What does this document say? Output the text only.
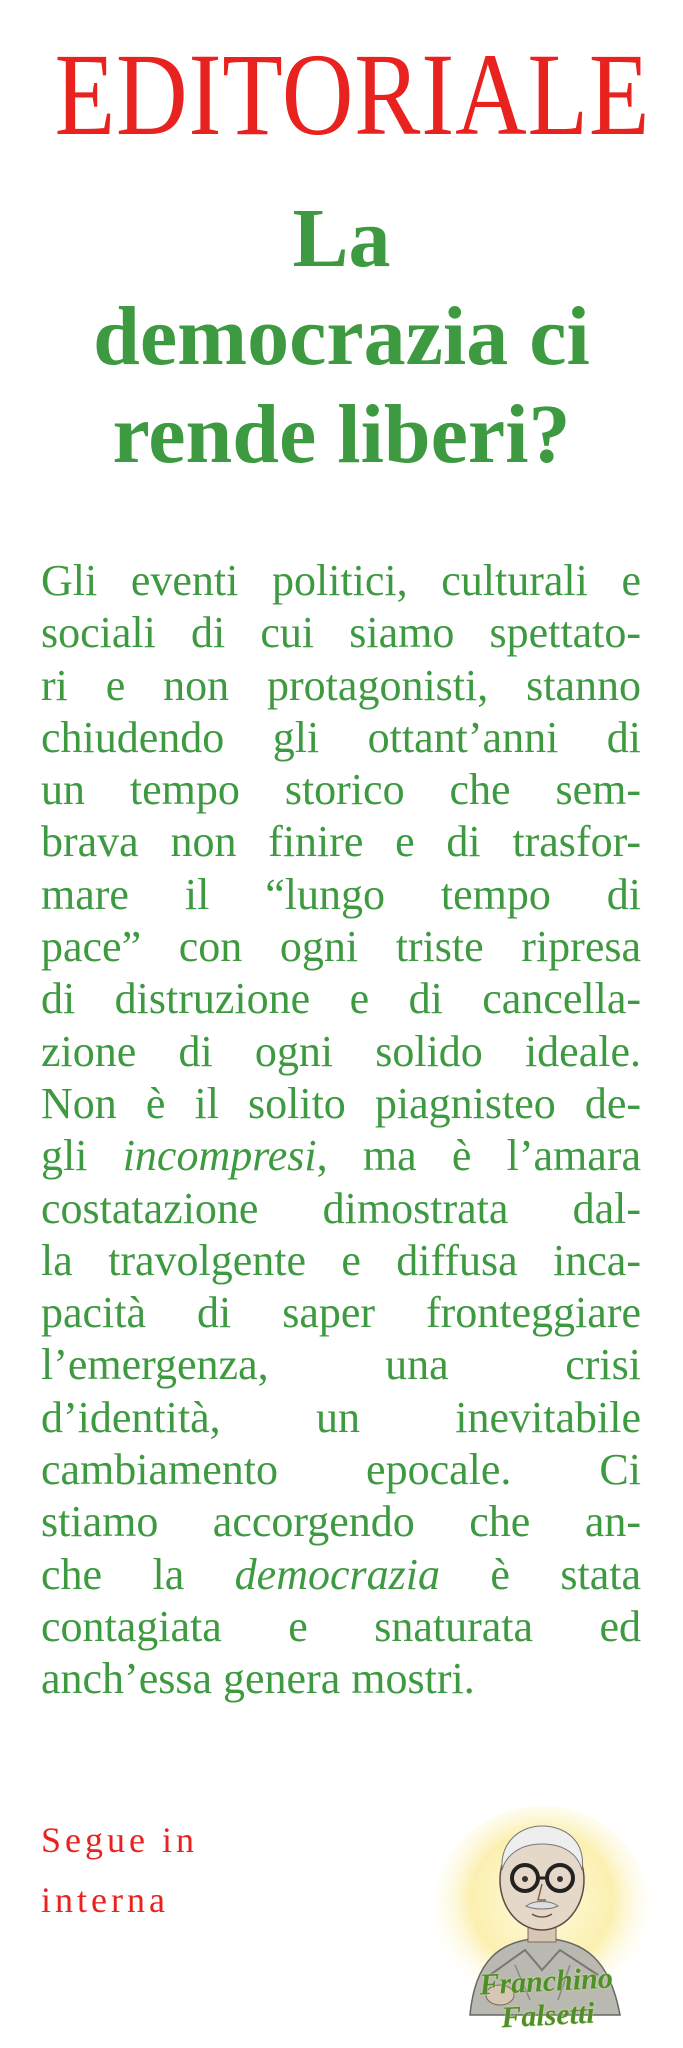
EDITORIALE
La
democrazia ci
rende liberi?
Gli eventi politici, culturali e
sociali di cui siamo spettato-
ri e non protagonisti, stanno
chiudendo gli ottant’anni di
un tempo storico che sem-
brava non finire e di trasfor-
mare il “lungo tempo di
pace” con ogni triste ripresa
di distruzione e di cancella-
zione di ogni solido ideale.
Non è il solito piagnisteo de-
gli incompresi, ma è l’amara
costatazione dimostrata dal-
la travolgente e diffusa inca-
pacità di saper fronteggiare
l’emergenza, una crisi
d’identità, un inevitabile
cambiamento epocale. Ci
stiamo accorgendo che an-
che la democrazia è stata
contagiata e snaturata ed
anch’essa genera mostri.
Segue in
interna
Franchino Falsetti
